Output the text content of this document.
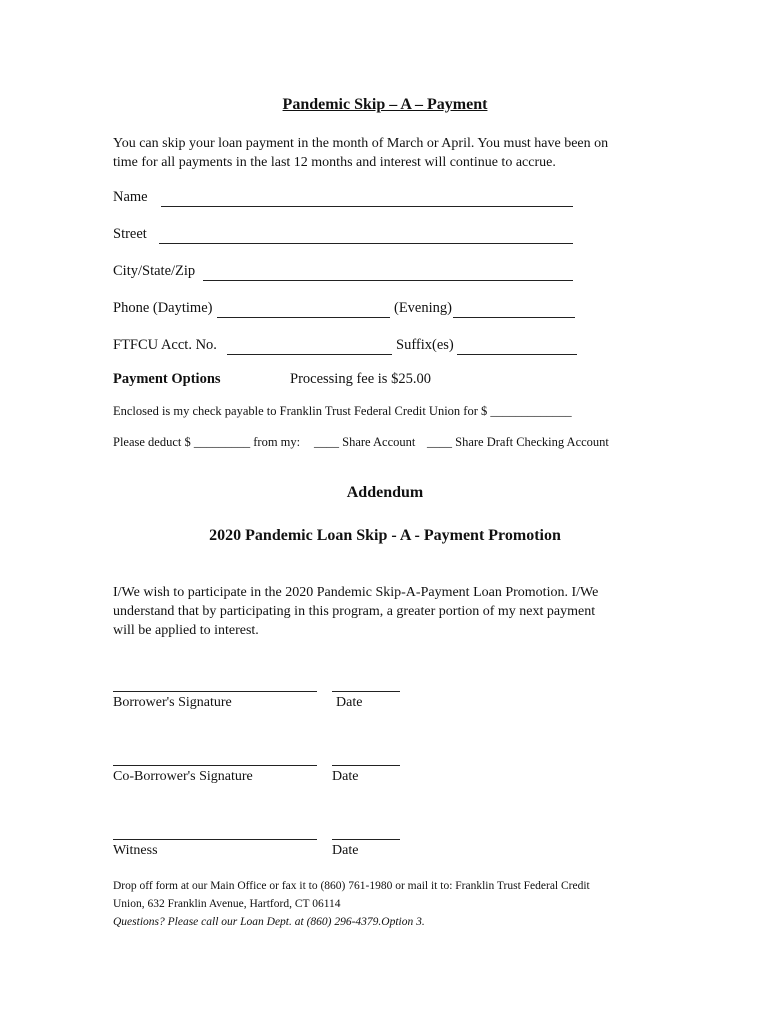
Pandemic Skip – A – Payment
You can skip your loan payment in the month of March or April. You must have been on
time for all payments in the last 12 months and interest will continue to accrue.
Name
Street
City/State/Zip
Phone (Daytime)	(Evening)
FTFCU Acct. No.	Suffix(es)
Payment Options	Processing fee is $25.00
Enclosed is my check payable to Franklin Trust Federal Credit Union for $ _____________
Please deduct $ _________ from my: ____ Share Account ____ Share Draft Checking Account
Addendum
2020 Pandemic Loan Skip - A - Payment Promotion
I/We wish to participate in the 2020 Pandemic Skip-A-Payment Loan Promotion. I/We
understand that by participating in this program, a greater portion of my next payment
will be applied to interest.
Borrower's Signature	Date
Co-Borrower's Signature	Date
Witness	Date
Drop off form at our Main Office or fax it to (860) 761-1980 or mail it to: Franklin Trust Federal Credit
Union, 632 Franklin Avenue, Hartford, CT 06114
Questions? Please call our Loan Dept. at (860) 296-4379.Option 3.
